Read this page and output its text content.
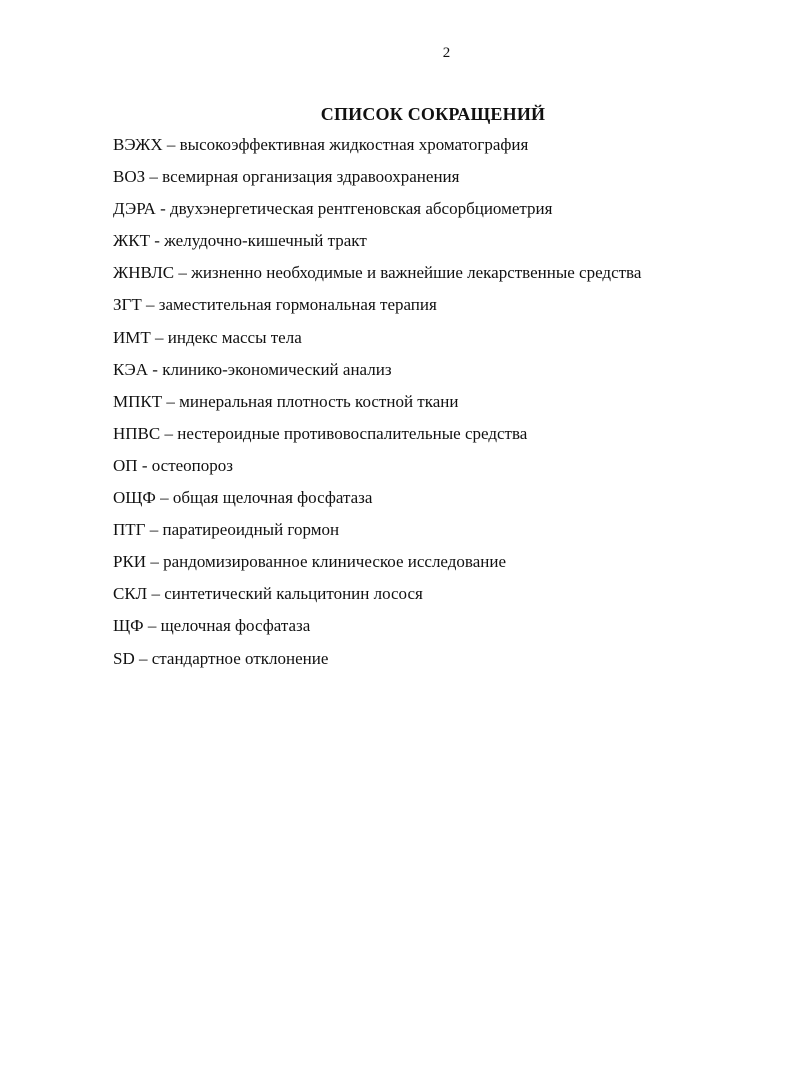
2
СПИСОК СОКРАЩЕНИЙ
ВЭЖХ – высокоэффективная жидкостная хроматография
ВОЗ – всемирная организация здравоохранения
ДЭРА - двухэнергетическая рентгеновская абсорбциометрия
ЖКТ - желудочно-кишечный тракт
ЖНВЛС – жизненно необходимые и важнейшие лекарственные средства
ЗГТ – заместительная гормональная терапия
ИМТ – индекс массы тела
КЭА - клинико-экономический анализ
МПКТ – минеральная плотность костной ткани
НПВС – нестероидные противовоспалительные средства
ОП - остеопороз
ОЩФ – общая щелочная фосфатаза
ПТГ – паратиреоидный гормон
РКИ – рандомизированное клиническое исследование
СКЛ – синтетический кальцитонин лосося
ЩФ – щелочная фосфатаза
SD – стандартное отклонение
